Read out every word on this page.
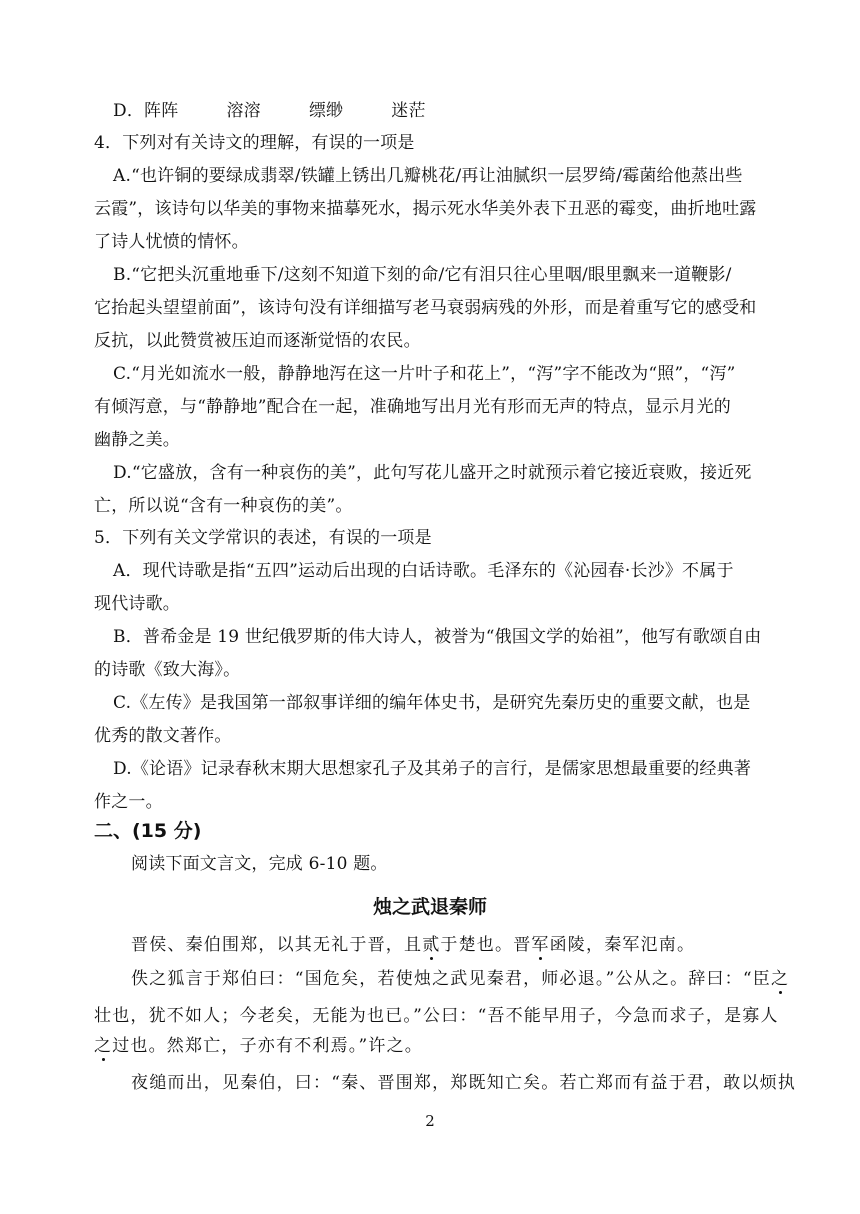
D．阵阵	溶溶	缥缈	迷茫
4．下列对有关诗文的理解，有误的一项是
A.“也许铜的要绿成翡翠/铁罐上锈出几瓣桃花/再让油腻织一层罗绮/霉菌给他蒸出些
云霞”，该诗句以华美的事物来描摹死水，揭示死水华美外表下丑恶的霉变，曲折地吐露
了诗人忧愤的情怀。
B.“它把头沉重地垂下/这刻不知道下刻的命/它有泪只往心里咽/眼里飘来一道鞭影/
它抬起头望望前面”，该诗句没有详细描写老马衰弱病残的外形，而是着重写它的感受和
反抗，以此赞赏被压迫而逐渐觉悟的农民。
C.“月光如流水一般，静静地泻在这一片叶子和花上”，“泻”字不能改为“照”，“泻”
有倾泻意，与“静静地”配合在一起，准确地写出月光有形而无声的特点，显示月光的
幽静之美。
D.“它盛放，含有一种哀伤的美”，此句写花儿盛开之时就预示着它接近衰败，接近死
亡，所以说“含有一种哀伤的美”。
5．下列有关文学常识的表述，有误的一项是
A．现代诗歌是指“五四”运动后出现的白话诗歌。毛泽东的《沁园春·长沙》不属于
现代诗歌。
B．普希金是 19 世纪俄罗斯的伟大诗人，被誉为“俄国文学的始祖”，他写有歌颂自由
的诗歌《致大海》。
C.《左传》是我国第一部叙事详细的编年体史书，是研究先秦历史的重要文献，也是
优秀的散文著作。
D.《论语》记录春秋末期大思想家孔子及其弟子的言行，是儒家思想最重要的经典著
作之一。
二、(15 分)
阅读下面文言文，完成 6-10 题。
烛之武退秦师
晋侯、秦伯围郑，以其无礼于晋，且贰于楚也。晋军函陵，秦军氾南。
佚之狐言于郑伯曰：“国危矣，若使烛之武见秦君，师必退。”公从之。辞曰：“臣之
壮也，犹不如人；今老矣，无能为也已。”公曰：“吾不能早用子，今急而求子，是寡人
之过也。然郑亡，子亦有不利焉。”许之。
夜缒而出，见秦伯，曰：“秦、晋围郑，郑既知亡矣。若亡郑而有益于君，敢以烦执
2
